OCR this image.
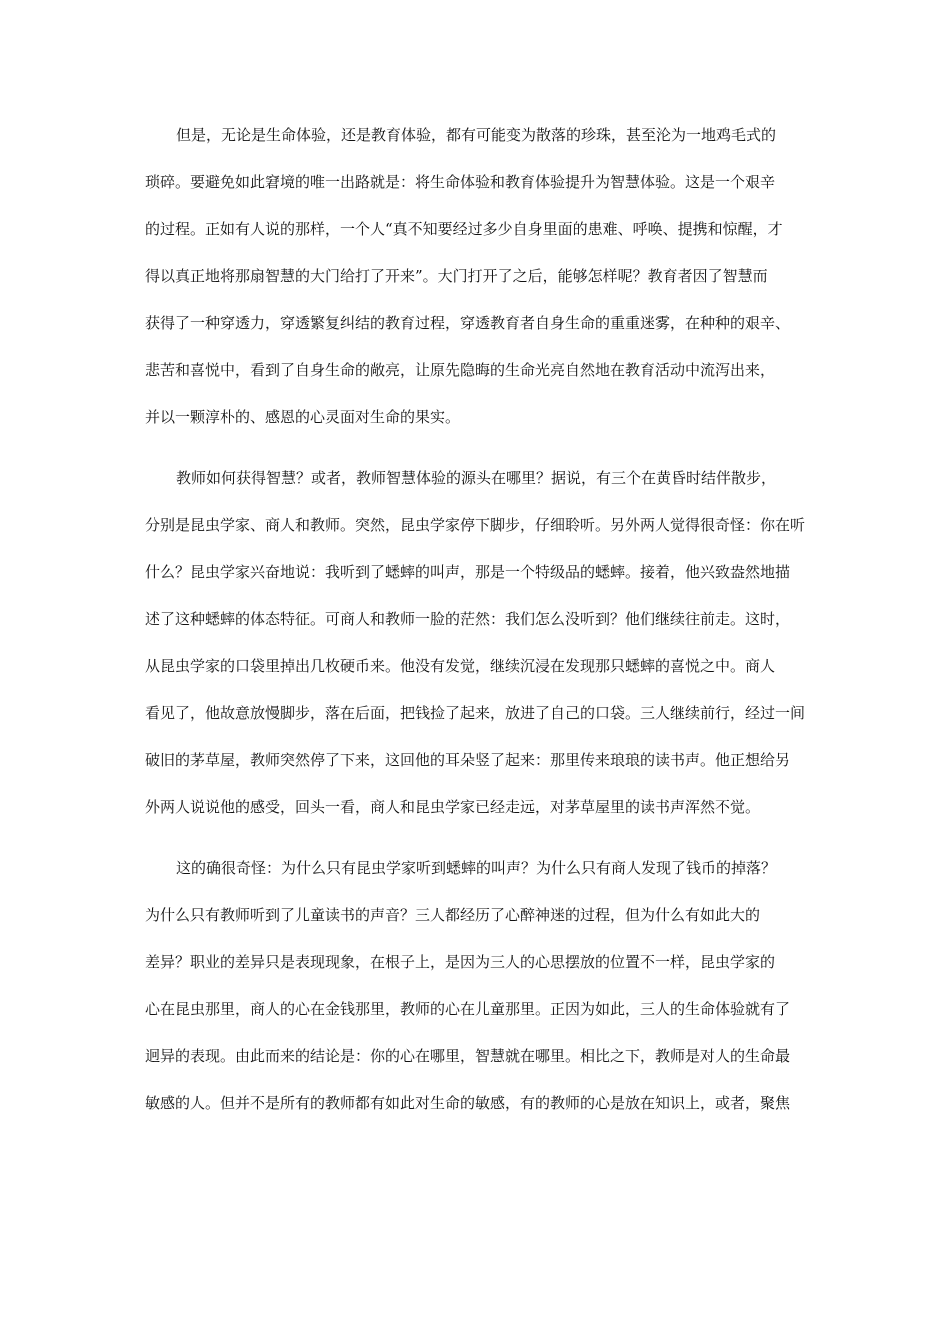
但是，无论是生命体验，还是教育体验，都有可能变为散落的珍珠，甚至沦为一地鸡毛式的
琐碎。要避免如此窘境的唯一出路就是：将生命体验和教育体验提升为智慧体验。这是一个艰辛
的过程。正如有人说的那样，一个人“真不知要经过多少自身里面的患难、呼唤、提携和惊醒，才
得以真正地将那扇智慧的大门给打了开来”。大门打开了之后，能够怎样呢？教育者因了智慧而
获得了一种穿透力，穿透繁复纠结的教育过程，穿透教育者自身生命的重重迷雾，在种种的艰辛、
悲苦和喜悦中，看到了自身生命的敞亮，让原先隐晦的生命光亮自然地在教育活动中流泻出来，
并以一颗淳朴的、感恩的心灵面对生命的果实。

教师如何获得智慧？或者，教师智慧体验的源头在哪里？据说，有三个在黄昏时结伴散步，
分别是昆虫学家、商人和教师。突然，昆虫学家停下脚步，仔细聆听。另外两人觉得很奇怪：你在听
什么？昆虫学家兴奋地说：我听到了蟋蟀的叫声，那是一个特级品的蟋蟀。接着，他兴致盎然地描
述了这种蟋蟀的体态特征。可商人和教师一脸的茫然：我们怎么没听到？他们继续往前走。这时，
从昆虫学家的口袋里掉出几枚硬币来。他没有发觉，继续沉浸在发现那只蟋蟀的喜悦之中。商人
看见了，他故意放慢脚步，落在后面，把钱捡了起来，放进了自己的口袋。三人继续前行，经过一间
破旧的茅草屋，教师突然停了下来，这回他的耳朵竖了起来：那里传来琅琅的读书声。他正想给另
外两人说说他的感受，回头一看，商人和昆虫学家已经走远，对茅草屋里的读书声浑然不觉。

这的确很奇怪：为什么只有昆虫学家听到蟋蟀的叫声？为什么只有商人发现了钱币的掉落？
为什么只有教师听到了儿童读书的声音？三人都经历了心醉神迷的过程，但为什么有如此大的
差异？职业的差异只是表现现象，在根子上，是因为三人的心思摆放的位置不一样，昆虫学家的
心在昆虫那里，商人的心在金钱那里，教师的心在儿童那里。正因为如此，三人的生命体验就有了
迥异的表现。由此而来的结论是：你的心在哪里，智慧就在哪里。相比之下，教师是对人的生命最
敏感的人。但并不是所有的教师都有如此对生命的敏感，有的教师的心是放在知识上，或者，聚焦
